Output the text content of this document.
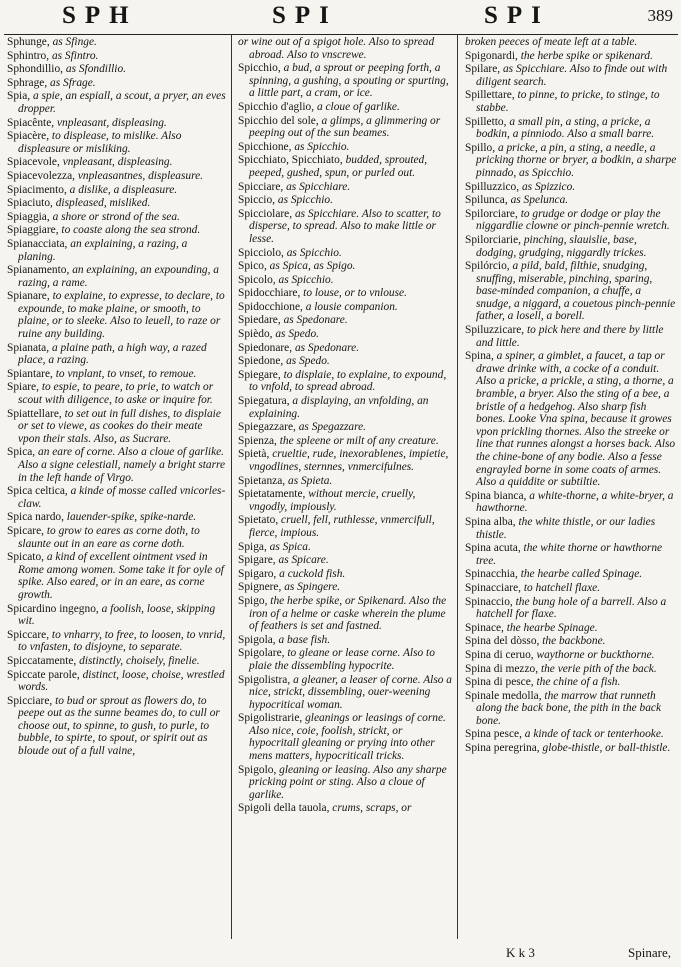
SPH	SPI	SPI	389
Sphunge, as Sfinge.
Sphintro, as Sfintro.
Sphondillio, as Sfondillio.
Sphrage, as Sfrage.
Spia, a spie, an espiall, a scout, a pryer, an eves dropper.
Spiacênte, vnpleasant, displeasing.
Spiacère, to displease, to mislike. Also displeasure or misliking.
Spiacevole, vnpleasant, displeasing.
Spiacevolezza, vnpleasantnes, displeasure.
Spiacimento, a dislike, a displeasure.
Spiaciuto, displeased, misliked.
Spiaggia, a shore or strond of the sea.
Spiaggiare, to coaste along the sea strond.
Spianacciata, an explaining, a razing, a planing.
Spianamento, an explaining, an expounding, a razing, a rame.
Spianare, to explaine, to expresse, to declare, to expounde, to make plaine, or smooth, to plaine, or to sleeke. Also to leuell, to raze or ruine any building.
Spianata, a plaine path, a high way, a razed place, a razing.
Spiantare, to vnplant, to vnset, to remoue.
Spiare, to espie, to peare, to prie, to watch or scout with diligence, to aske or inquire for.
Spiattellare, to set out in full dishes, to displaie or set to viewe, as cookes do their meate vpon their stals. Also, as Sucrare.
Spica, an eare of corne. Also a cloue of garlike. Also a signe celestiall, namely a bright starre in the left hande of Virgo.
Spica celtica, a kinde of mosse called vnicorles-claw.
Spica nardo, lauender-spike, spike-narde.
Spicare, to grow to eares as corne doth, to slaunte out in an eare as corne doth.
Spicato, a kind of excellent ointment vsed in Rome among women. Some take it for oyle of spike. Also eared, or in an eare, as corne growth.
Spicardino ingegno, a foolish, loose, skipping wit.
Spiccare, to vnharry, to free, to loosen, to vnrid, to vnfasten, to disjoyne, to separate.
Spiccatamente, distinctly, choisely, finelie.
Spiccate parole, distinct, loose, choise, wrestled words.
Spicciare, to bud or sprout as flowers do, to peepe out as the sunne beames do, to cull or choose out, to spinne, to gush, to purle, to bubble, to spirte, to spout, or spirit out as bloude out of a full vaine,
or wine out of a spigot hole. Also to spread abroad. Also to vnscrewe.
Spicchio, a bud, a sprout or peeping forth, a spinning, a gushing, a spouting or spurting, a little part, a cram, or ice.
Spicchio d'aglio, a cloue of garlike.
Spicchio del sole, a glimps, a glimmering or peeping out of the sun beames.
Spicchione, as Spicchio.
Spicchiato, Spicchiato, budded, sprouted, peeped, gushed, spun, or purled out.
Spicciare, as Spicchiare.
Spiccio, as Spicchio.
Spicciolare, as Spicchiare. Also to scatter, to disperse, to spread. Also to make little or lesse.
Spicciolo, as Spicchio.
Spico, as Spica, as Spigo.
Spicolo, as Spicchio.
Spidocchiare, to louse, or to vnlouse.
Spidocchione, a lousie companion.
Spiedare, as Spedonare.
Spièdo, as Spedo.
Spiedonare, as Spedonare.
Spiedone, as Spedo.
Spiegare, to displaie, to explaine, to expound, to vnfold, to spread abroad.
Spiegatura, a displaying, an vnfolding, an explaining.
Spiegazzare, as Spegazzare.
Spienza, the spleene or milt of any creature.
Spietà, crueltie, rude, inexorablenes, impietie, vngodlines, sternnes, vnmercifulnes.
Spietanza, as Spieta.
Spietatamente, without mercie, cruelly, vngodly, impiously.
Spietato, cruell, fell, ruthlesse, vnmercifull, fierce, impious.
Spiga, as Spica.
Spigare, as Spicare.
Spigaro, a cuckold fish.
Spignere, as Spingere.
Spigo, the herbe spike, or Spikenard. Also the iron of a helme or caske wherein the plume of feathers is set and fastned.
Spigola, a base fish.
Spigolare, to gleane or lease corne. Also to plaie the dissembling hypocrite.
Spigolistra, a gleaner, a leaser of corne. Also a nice, strickt, dissembling, ouer-weening hypocritical woman.
Spigolistrarie, gleanings or leasings of corne. Also nice, coie, foolish, strickt, or hypocritall gleaning or prying into other mens matters, hypocriticall tricks.
Spigolo, gleaning or leasing. Also any sharpe pricking point or sting. Also a cloue of garlike.
Spigoli della tauola, crums, scraps, or
broken peeces of meate left at a table.
Spigonardi, the herbe spike or spikenard.
Spilare, as Spicchiare. Also to finde out with diligent search.
Spillettare, to pinne, to pricke, to stinge, to stabbe.
Spilletto, a small pin, a sting, a pricke, a bodkin, a pinniodo. Also a small barre.
Spillo, a pricke, a pin, a sting, a needle, a pricking thorne or bryer, a bodkin, a sharpe pinnado, as Spicchio.
Spilluzzico, as Spizzico.
Spilunca, as Spelunca.
Spilorciare, to grudge or dodge or play the niggardlie clowne or pinch-pennie wretch.
Spilorciarie, pinching, slauislie, base, dodging, grudging, niggardly trickes.
Spilórcio, a pild, bald, filthie, snudging, snuffing, miserable, pinching, sparing, base-minded companion, a chuffe, a snudge, a niggard, a couetous pinch-pennie father, a losell, a borell.
Spiluzzicare, to pick here and there by little and little.
Spina, a spiner, a gimblet, a faucet, a tap or drawe drinke with, a cocke of a conduit. Also a pricke, a prickle, a sting, a thorne, a bramble, a bryer. Also the sting of a bee, a bristle of a hedgehog. Also sharp fish bones. Looke Vna spina, because it growes vpon prickling thornes. Also the streeke or line that runnes alongst a horses back. Also the chine-bone of any bodie. Also a fesse engrayled borne in some coats of armes. Also a quiddite or subtiltie.
Spina bianca, a white-thorne, a white-bryer, a hawthorne.
Spina alba, the white thistle, or our ladies thistle.
Spina acuta, the white thorne or hawthorne tree.
Spinacchia, the hearbe called Spinage.
Spinacciare, to hatchell flaxe.
Spinaccio, the bung hole of a barrell. Also a hatchell for flaxe.
Spinace, the hearbe Spinage.
Spina del dòsso, the backbone.
Spina di ceruo, waythorne or buckthorne.
Spina di mezzo, the verie pith of the back.
Spina di pesce, the chine of a fish.
Spinale medolla, the marrow that runneth along the back bone, the pith in the back bone.
Spina pesce, a kinde of tack or tenterhooke.
Spina peregrina, globe-thistle, or ball-thistle.
K k 3	Spinare,
